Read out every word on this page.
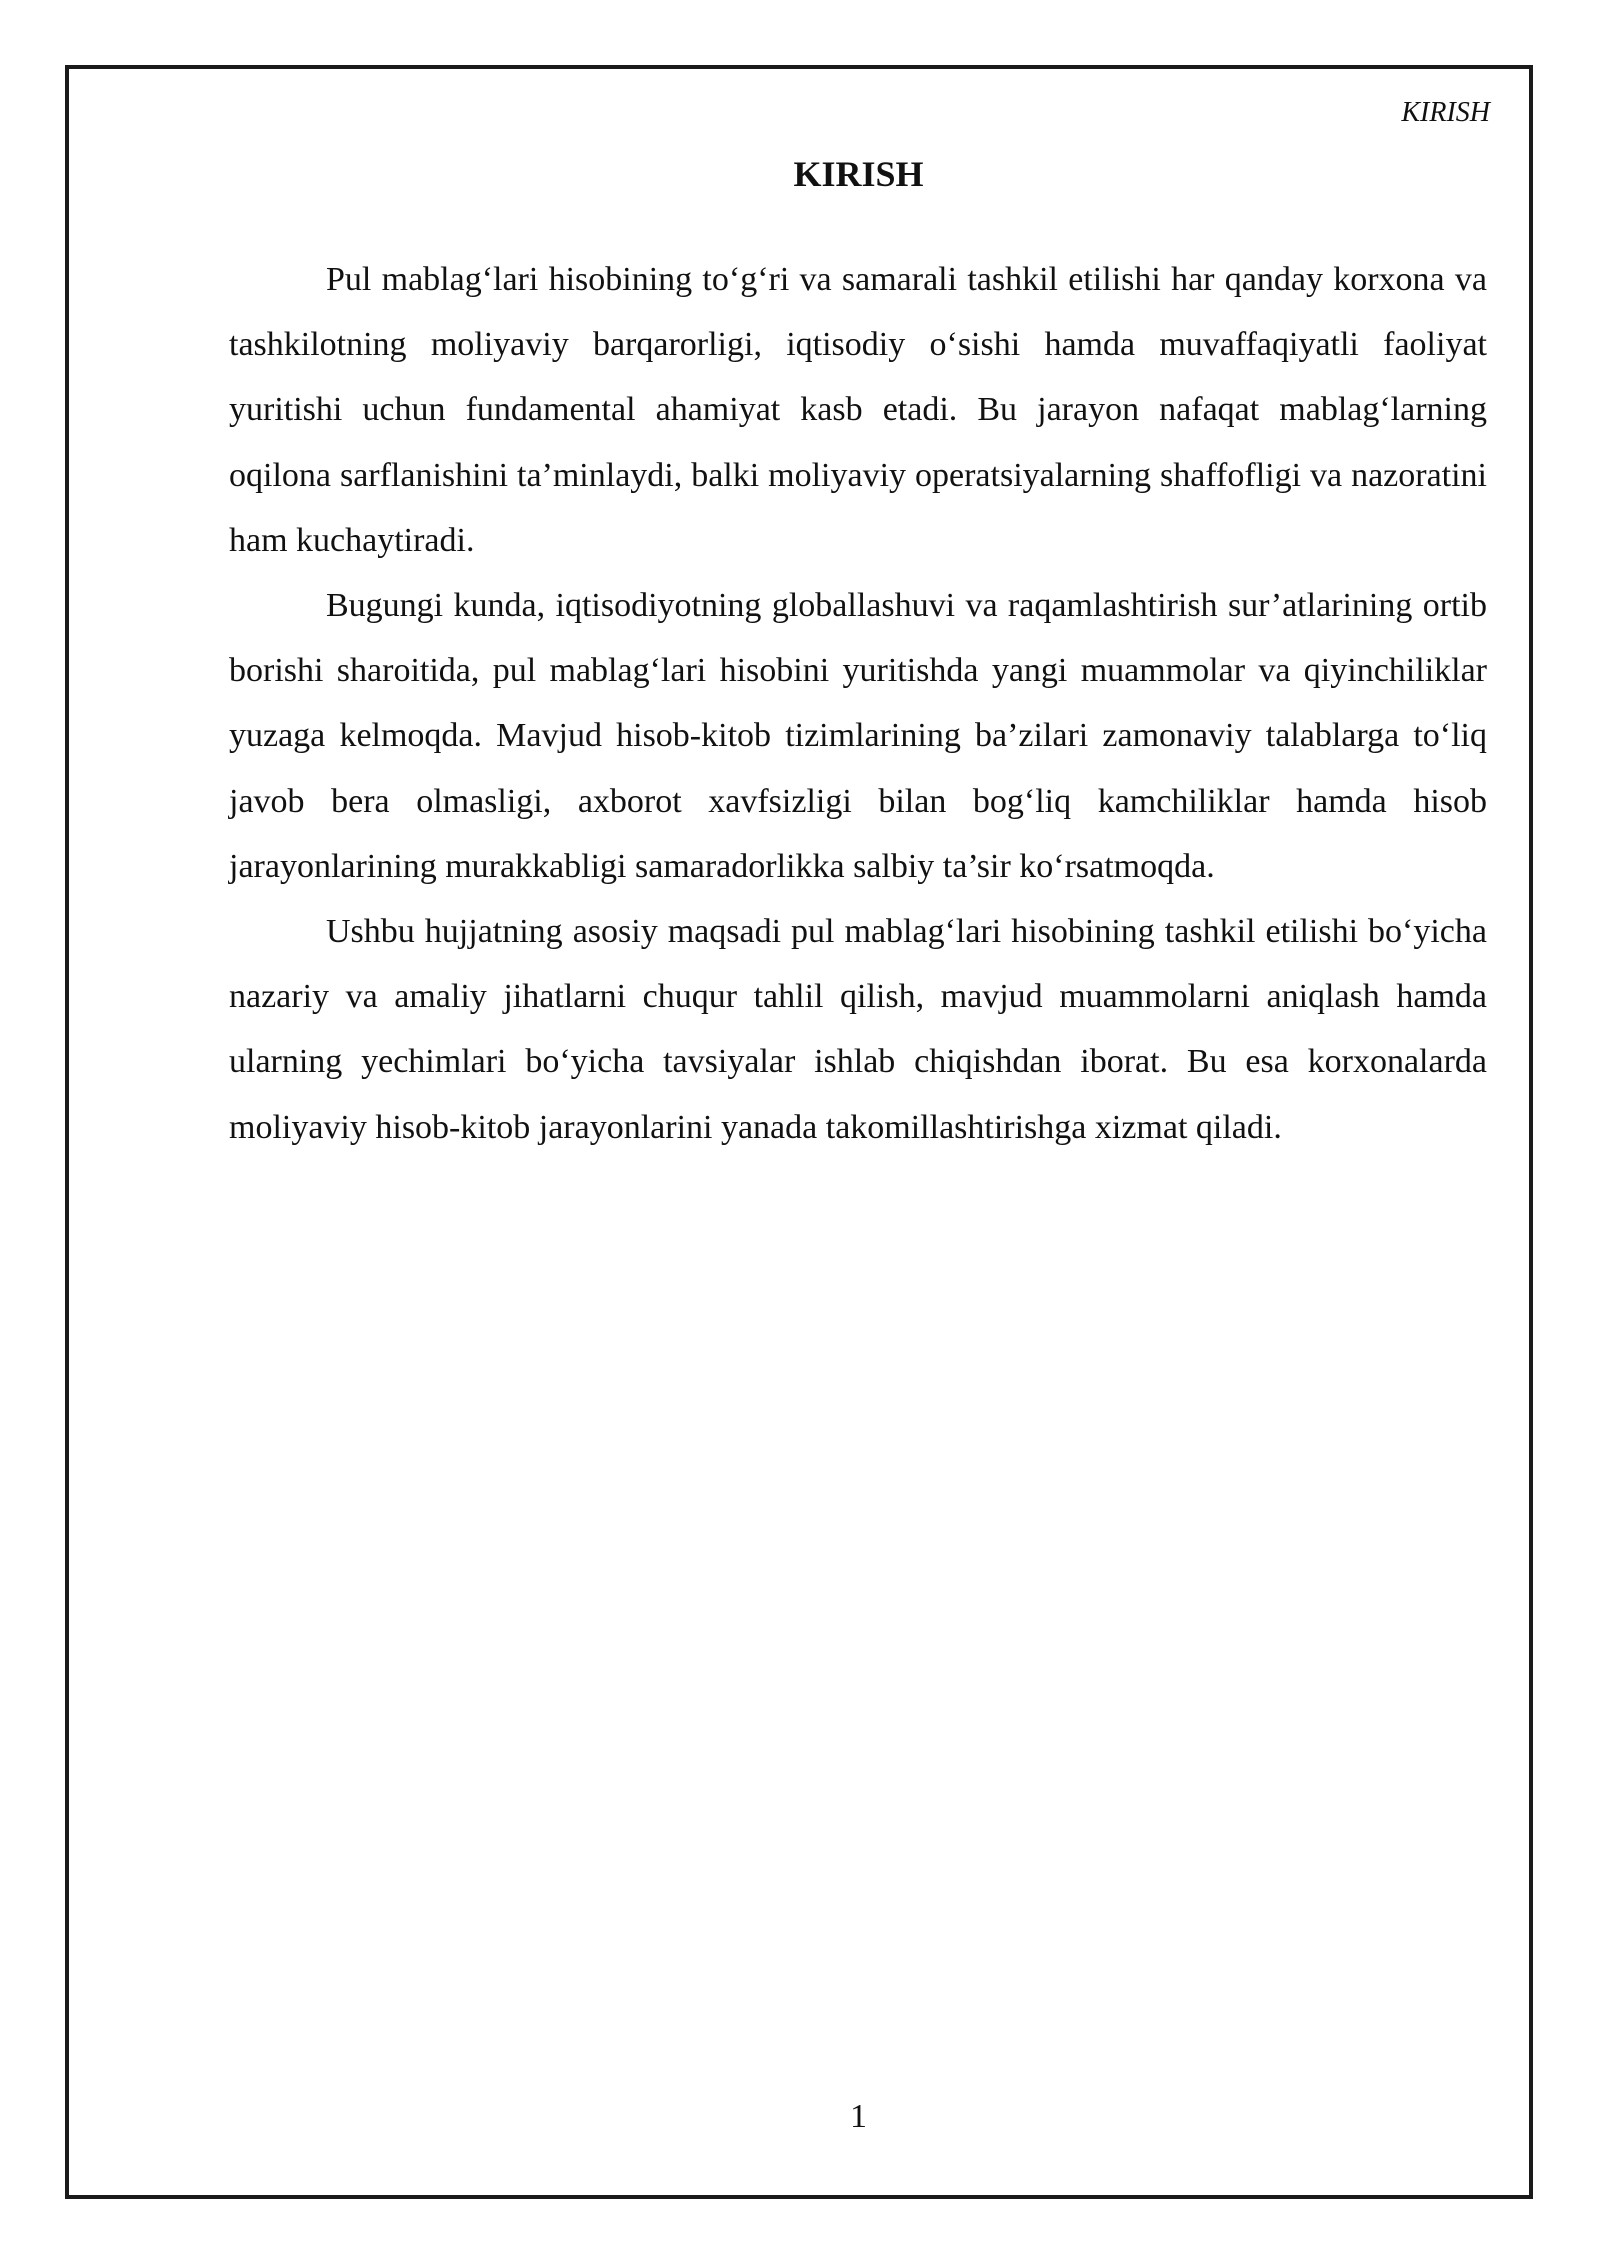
KIRISH
KIRISH

Pul mablag‘lari hisobining to‘g‘ri va samarali tashkil etilishi har qanday korxona va tashkilotning moliyaviy barqarorligi, iqtisodiy o‘sishi hamda muvaffaqiyatli faoliyat yuritishi uchun fundamental ahamiyat kasb etadi. Bu jarayon nafaqat mablag‘larning oqilona sarflanishini ta’minlaydi, balki moliyaviy operatsiyalarning shaffofligi va nazoratini ham kuchaytiradi.

Bugungi kunda, iqtisodiyotning globallashuvi va raqamlashtirish sur’atlarining ortib borishi sharoitida, pul mablag‘lari hisobini yuritishda yangi muammolar va qiyinchiliklar yuzaga kelmoqda. Mavjud hisob-kitob tizimlarining ba’zilari zamonaviy talablarga to‘liq javob bera olmasligi, axborot xavfsizligi bilan bog‘liq kamchiliklar hamda hisob jarayonlarining murakkabligi samaradorlikka salbiy ta’sir ko‘rsatmoqda.

Ushbu hujjatning asosiy maqsadi pul mablag‘lari hisobining tashkil etilishi bo‘yicha nazariy va amaliy jihatlarni chuqur tahlil qilish, mavjud muammolarni aniqlash hamda ularning yechimlari bo‘yicha tavsiyalar ishlab chiqishdan iborat. Bu esa korxonalarda moliyaviy hisob-kitob jarayonlarini yanada takomillashtirishga xizmat qiladi.

1
